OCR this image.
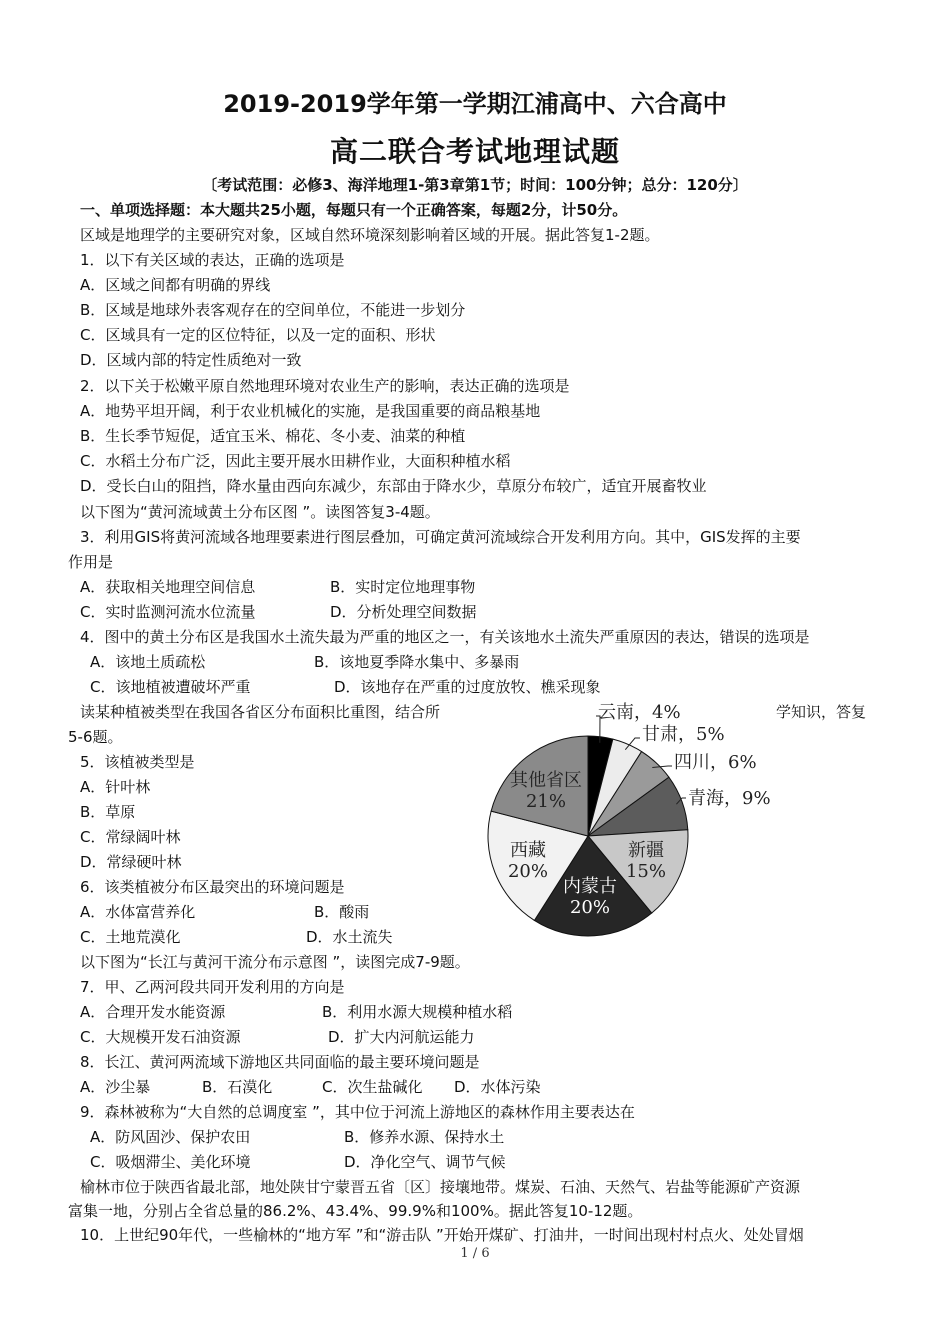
2019-2019学年第一学期江浦高中、六合高中
高二联合考试地理试题
〔考试范围：必修3、海洋地理1-第3章第1节；时间：100分钟；总分：120分〕
一、单项选择题：本大题共25小题，每题只有一个正确答案，每题2分，计50分。
区域是地理学的主要研究对象，区域自然环境深刻影响着区域的开展。据此答复1-2题。
1．以下有关区域的表达，正确的选项是
A．区域之间都有明确的界线
B．区域是地球外表客观存在的空间单位，不能进一步划分
C．区域具有一定的区位特征，以及一定的面积、形状
D．区域内部的特定性质绝对一致
2．以下关于松嫩平原自然地理环境对农业生产的影响，表达正确的选项是
A．地势平坦开阔，利于农业机械化的实施，是我国重要的商品粮基地
B．生长季节短促，适宜玉米、棉花、冬小麦、油菜的种植
C．水稻土分布广泛，因此主要开展水田耕作业，大面积种植水稻
D．受长白山的阻挡，降水量由西向东减少，东部由于降水少，草原分布较广，适宜开展畜牧业
以下图为“黄河流域黄土分布区图 ”。读图答复3-4题。
3．利用GIS将黄河流域各地理要素进行图层叠加，可确定黄河流域综合开发利用方向。其中，GIS发挥的主要
作用是
A．获取相关地理空间信息	B．实时定位地理事物
C．实时监测河流水位流量	D．分析处理空间数据
4．图中的黄土分布区是我国水土流失最为严重的地区之一，有关该地水土流失严重原因的表达，错误的选项是
A．该地土质疏松	B．该地夏季降水集中、多暴雨
C．该地植被遭破坏严重	D．该地存在严重的过度放牧、樵采现象
读某种植被类型在我国各省区分布面积比重图，结合所	学知识，答复
5-6题。
5．该植被类型是
A．针叶林
B．草原
C．常绿阔叶林
D．常绿硬叶林
6．该类植被分布区最突出的环境问题是
A．水体富营养化	B．酸雨
C．土地荒漠化	D．水土流失
以下图为“长江与黄河干流分布示意图 ”，读图完成7-9题。
7．甲、乙两河段共同开发利用的方向是
A．合理开发水能资源	B．利用水源大规模种植水稻
C．大规模开发石油资源	D．扩大内河航运能力
8．长江、黄河两流域下游地区共同面临的最主要环境问题是
A．沙尘暴	B．石漠化	C．次生盐碱化 D．水体污染
9．森林被称为“大自然的总调度室 ”，其中位于河流上游地区的森林作用主要表达在
A．防风固沙、保护农田	B．修养水源、保持水土
C．吸烟滞尘、美化环境	D．净化空气、调节气候
榆林市位于陕西省最北部，地处陕甘宁蒙晋五省〔区〕接壤地带。煤炭、石油、天然气、岩盐等能源矿产资源
富集一地，分别占全省总量的86.2%、43.4%、99.9%和100%。据此答复10-12题。
10．上世纪90年代，一些榆林的“地方军 ”和“游击队 ”开始开煤矿、打油井，一时间出现村村点火、处处冒烟
云南，4%
甘肃，5%
四川，6%
青海，9%
新疆
15%
内蒙古
20%
西藏
20%
其他省区
21%
1 / 6
